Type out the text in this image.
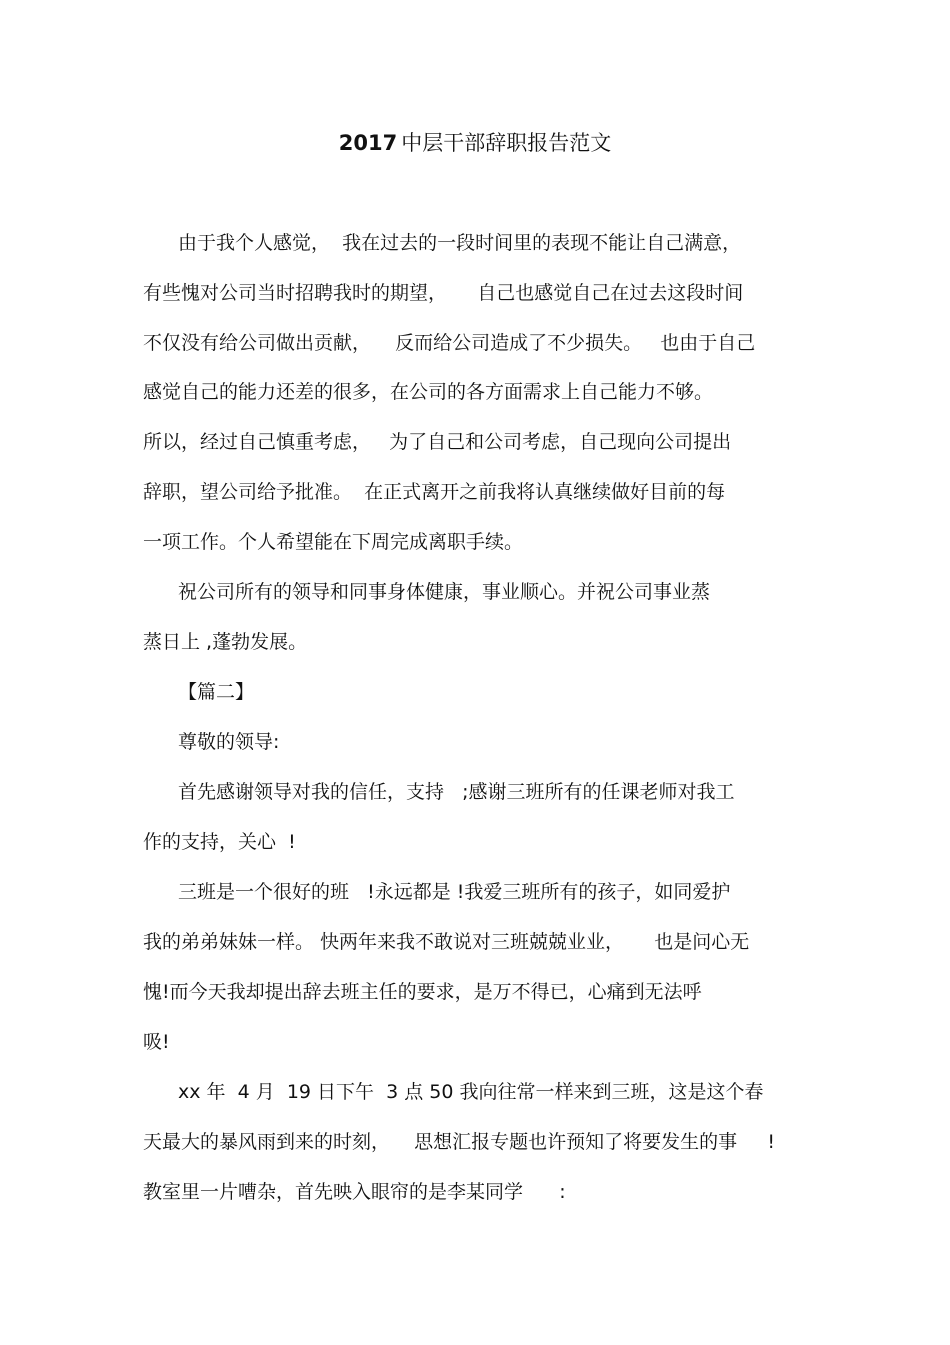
2017 中层干部辞职报告范文
由于我个人感觉，  我在过去的一段时间里的表现不能让自己满意，
有些愧对公司当时招聘我时的期望，     自己也感觉自己在过去这段时间
不仅没有给公司做出贡献，    反而给公司造成了不少损失。   也由于自己
感觉自己的能力还差的很多，在公司的各方面需求上自己能力不够。
所以，经过自己慎重考虑，   为了自己和公司考虑，自己现向公司提出
辞职，望公司给予批准。  在正式离开之前我将认真继续做好目前的每
一项工作。个人希望能在下周完成离职手续。
祝公司所有的领导和同事身体健康，事业顺心。并祝公司事业蒸
蒸日上 ,蓬勃发展。
【篇二】
尊敬的领导:
首先感谢领导对我的信任，支持   ;感谢三班所有的任课老师对我工
作的支持，关心  !
三班是一个很好的班   !永远都是 !我爱三班所有的孩子，如同爱护
我的弟弟妹妹一样。 快两年来我不敢说对三班兢兢业业，     也是问心无
愧!而今天我却提出辞去班主任的要求，是万不得已，心痛到无法呼
吸!
xx 年  4 月  19 日下午  3 点 50 我向往常一样来到三班，这是这个春
天最大的暴风雨到来的时刻，    思想汇报专题也许预知了将要发生的事     !
教室里一片嘈杂，首先映入眼帘的是李某同学      :
